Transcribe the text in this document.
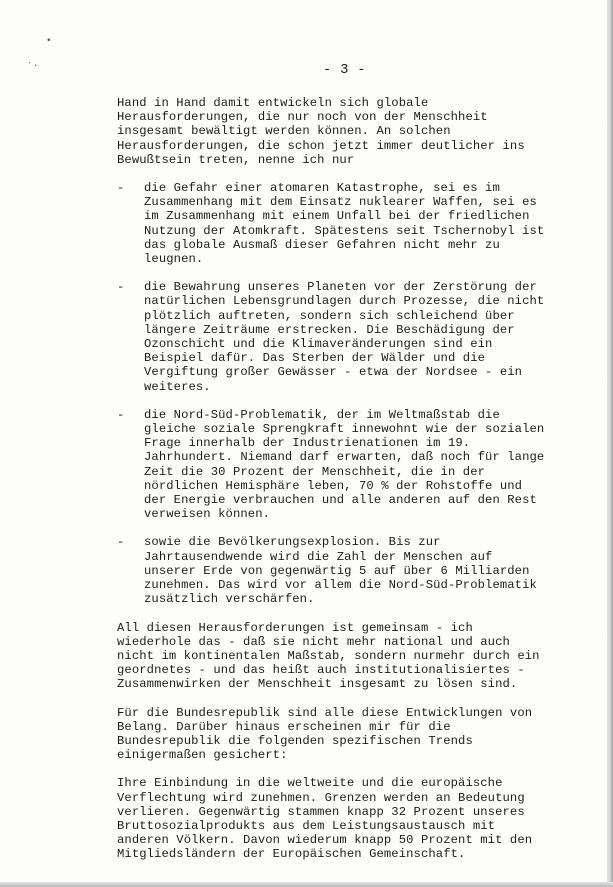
•
‧ ·	- 3 -

Hand in Hand damit entwickeln sich globale
Herausforderungen, die nur noch von der Menschheit
insgesamt bewältigt werden können. An solchen
Herausforderungen, die schon jetzt immer deutlicher ins
Bewußtsein treten, nenne ich nur

- die Gefahr einer atomaren Katastrophe, sei es im
Zusammenhang mit dem Einsatz nuklearer Waffen, sei es
im Zusammenhang mit einem Unfall bei der friedlichen
Nutzung der Atomkraft. Spätestens seit Tschernobyl ist
das globale Ausmaß dieser Gefahren nicht mehr zu
leugnen.
- die Bewahrung unseres Planeten vor der Zerstörung der
natürlichen Lebensgrundlagen durch Prozesse, die nicht
plötzlich auftreten, sondern sich schleichend über
längere Zeiträume erstrecken. Die Beschädigung der
Ozonschicht und die Klimaveränderungen sind ein
Beispiel dafür. Das Sterben der Wälder und die
Vergiftung großer Gewässer - etwa der Nordsee - ein
weiteres.
- die Nord-Süd-Problematik, der im Weltmaßstab die
gleiche soziale Sprengkraft innewohnt wie der sozialen
Frage innerhalb der Industrienationen im 19.
Jahrhundert. Niemand darf erwarten, daß noch für lange
Zeit die 30 Prozent der Menschheit, die in der
nördlichen Hemisphäre leben, 70 % der Rohstoffe und
der Energie verbrauchen und alle anderen auf den Rest
verweisen können.
- sowie die Bevölkerungsexplosion. Bis zur
Jahrtausendwende wird die Zahl der Menschen auf
unserer Erde von gegenwärtig 5 auf über 6 Milliarden
zunehmen. Das wird vor allem die Nord-Süd-Problematik
zusätzlich verschärfen.

All diesen Herausforderungen ist gemeinsam - ich
wiederhole das - daß sie nicht mehr national und auch
nicht im kontinentalen Maßstab, sondern nurmehr durch ein
geordnetes - und das heißt auch institutionalisiertes -
Zusammenwirken der Menschheit insgesamt zu lösen sind.

Für die Bundesrepublik sind alle diese Entwicklungen von
Belang. Darüber hinaus erscheinen mir für die
Bundesrepublik die folgenden spezifischen Trends
einigermaßen gesichert:

Ihre Einbindung in die weltweite und die europäische
Verflechtung wird zunehmen. Grenzen werden an Bedeutung
verlieren. Gegenwärtig stammen knapp 32 Prozent unseres
Bruttosozialprodukts aus dem Leistungsaustausch mit
anderen Völkern. Davon wiederum knapp 50 Prozent mit den
Mitgliedsländern der Europäischen Gemeinschaft.
